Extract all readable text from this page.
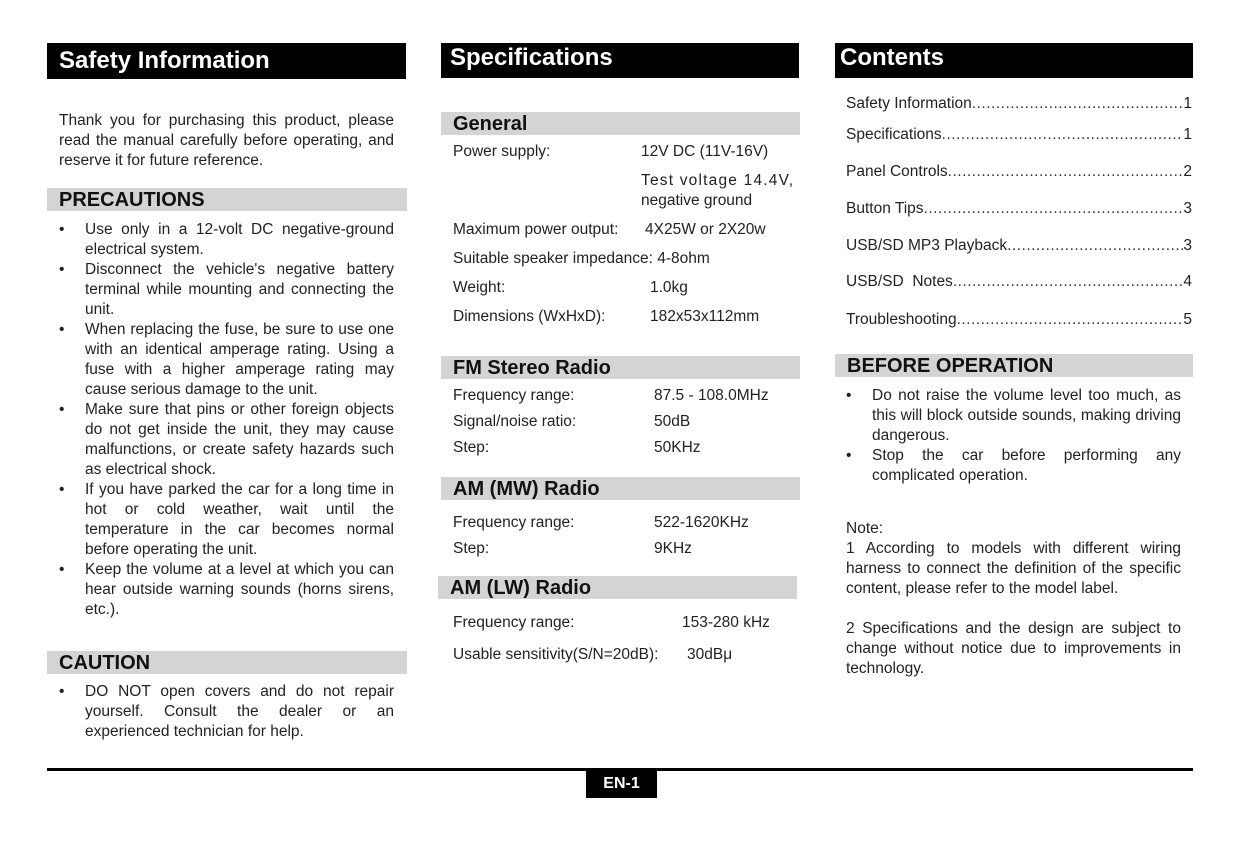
Safety Information

Thank you for purchasing this product, please read the manual carefully before operating, and reserve it for future reference.

PRECAUTIONS
• Use only in a 12-volt DC negative-ground electrical system.
• Disconnect the vehicle's negative battery terminal while mounting and connecting the unit.
• When replacing the fuse, be sure to use one with an identical amperage rating. Using a fuse with a higher amperage rating may cause serious damage to the unit.
• Make sure that pins or other foreign objects do not get inside the unit, they may cause malfunctions, or create safety hazards such as electrical shock.
• If you have parked the car for a long time in hot or cold weather, wait until the temperature in the car becomes normal before operating the unit.
• Keep the volume at a level at which you can hear outside warning sounds (horns sirens, etc.).
CAUTION
• DO NOT open covers and do not repair yourself. Consult the dealer or an experienced technician for help.
Specifications
General
Power supply:	12V DC (11V-16V)
Test voltage 14.4V,
negative ground
Maximum power output: 4X25W or 2X20w
Suitable speaker impedance: 4-8ohm
Weight:	1.0kg
Dimensions (WxHxD):	182x53x112mm
FM Stereo Radio
Frequency range:	87.5 - 108.0MHz
Signal/noise ratio:	50dB
Step:	50KHz
AM (MW) Radio
Frequency range:	522-1620KHz
Step:	9KHz
AM (LW) Radio
Frequency range:	153-280 kHz
Usable sensitivity(S/N=20dB): 30dBμ
Contents
Safety Information .....	1
Specifications .....	1
Panel Controls .....	2
Button Tips .....	3
USB/SD MP3 Playback .....	3
USB/SD  Notes .....	4
Troubleshooting .....	5
BEFORE OPERATION
• Do not raise the volume level too much, as this will block outside sounds, making driving dangerous.
• Stop the car before performing any complicated operation.
Note:

1 According to models with different wiring harness to connect the definition of the specific content, please refer to the model label.

2 Specifications and the design are subject to change without notice due to improvements in technology.

EN-1
